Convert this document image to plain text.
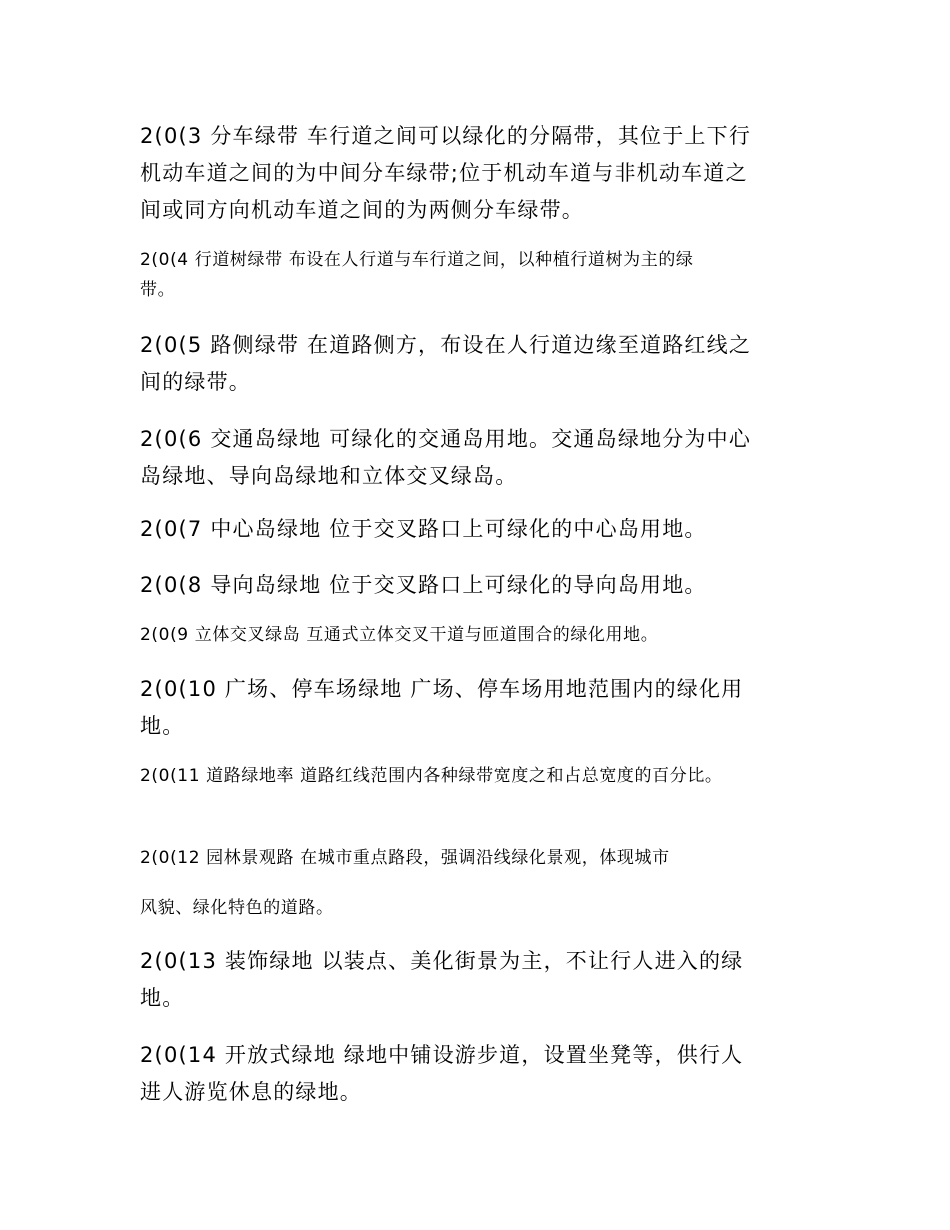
2(0(3 分车绿带 车行道之间可以绿化的分隔带，其位于上下行
机动车道之间的为中间分车绿带;位于机动车道与非机动车道之
间或同方向机动车道之间的为两侧分车绿带。

2(0(4 行道树绿带 布设在人行道与车行道之间，以种植行道树为主的绿
带。

2(0(5 路侧绿带 在道路侧方，布设在人行道边缘至道路红线之
间的绿带。

2(0(6 交通岛绿地 可绿化的交通岛用地。交通岛绿地分为中心
岛绿地、导向岛绿地和立体交叉绿岛。

2(0(7 中心岛绿地 位于交叉路口上可绿化的中心岛用地。

2(0(8 导向岛绿地 位于交叉路口上可绿化的导向岛用地。

2(0(9 立体交叉绿岛 互通式立体交叉干道与匝道围合的绿化用地。

2(0(10 广场、停车场绿地 广场、停车场用地范围内的绿化用
地。

2(0(11 道路绿地率 道路红线范围内各种绿带宽度之和占总宽度的百分比。

2(0(12 园林景观路 在城市重点路段，强调沿线绿化景观，体现城市

风貌、绿化特色的道路。

2(0(13 装饰绿地 以装点、美化街景为主，不让行人进入的绿
地。

2(0(14 开放式绿地 绿地中铺设游步道，设置坐凳等，供行人
进人游览休息的绿地。
